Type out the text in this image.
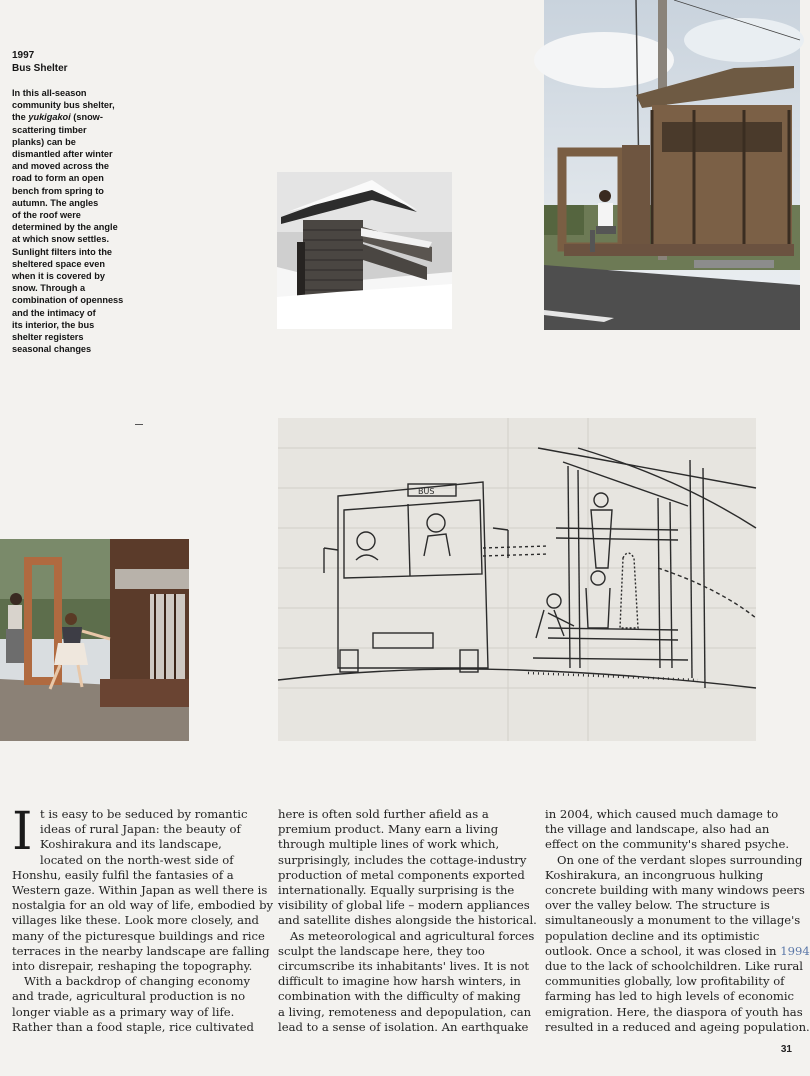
1997
Bus Shelter
In this all-season
community bus shelter,
the yukigakoi (snow-
scattering timber
planks) can be
dismantled after winter
and moved across the
road to form an open
bench from spring to
autumn. The angles
of the roof were
determined by the angle
at which snow settles.
Sunlight filters into the
sheltered space even
when it is covered by
snow. Through a
combination of openness
and the intimacy of
its interior, the bus
shelter registers
seasonal changes
BUS
I t is easy to be seduced by romantic
ideas of rural Japan: the beauty of
Koshirakura and its landscape,
located on the north-west side of
Honshu, easily fulfil the fantasies of a
Western gaze. Within Japan as well there is
nostalgia for an old way of life, embodied by
villages like these. Look more closely, and
many of the picturesque buildings and rice
terraces in the nearby landscape are falling
into disrepair, reshaping the topography.
With a backdrop of changing economy
and trade, agricultural production is no
longer viable as a primary way of life.
Rather than a food staple, rice cultivated
here is often sold further afield as a
premium product. Many earn a living
through multiple lines of work which,
surprisingly, includes the cottage-industry
production of metal components exported
internationally. Equally surprising is the
visibility of global life – modern appliances
and satellite dishes alongside the historical.
As meteorological and agricultural forces
sculpt the landscape here, they too
circumscribe its inhabitants' lives. It is not
difficult to imagine how harsh winters, in
combination with the difficulty of making
a living, remoteness and depopulation, can
lead to a sense of isolation. An earthquake
in 2004, which caused much damage to
the village and landscape, also had an
effect on the community's shared psyche.
On one of the verdant slopes surrounding
Koshirakura, an incongruous hulking
concrete building with many windows peers
over the valley below. The structure is
simultaneously a monument to the village's
population decline and its optimistic
outlook. Once a school, it was closed in 1994
due to the lack of schoolchildren. Like rural
communities globally, low profitability of
farming has led to high levels of economic
emigration. Here, the diaspora of youth has
resulted in a reduced and ageing population.
31
